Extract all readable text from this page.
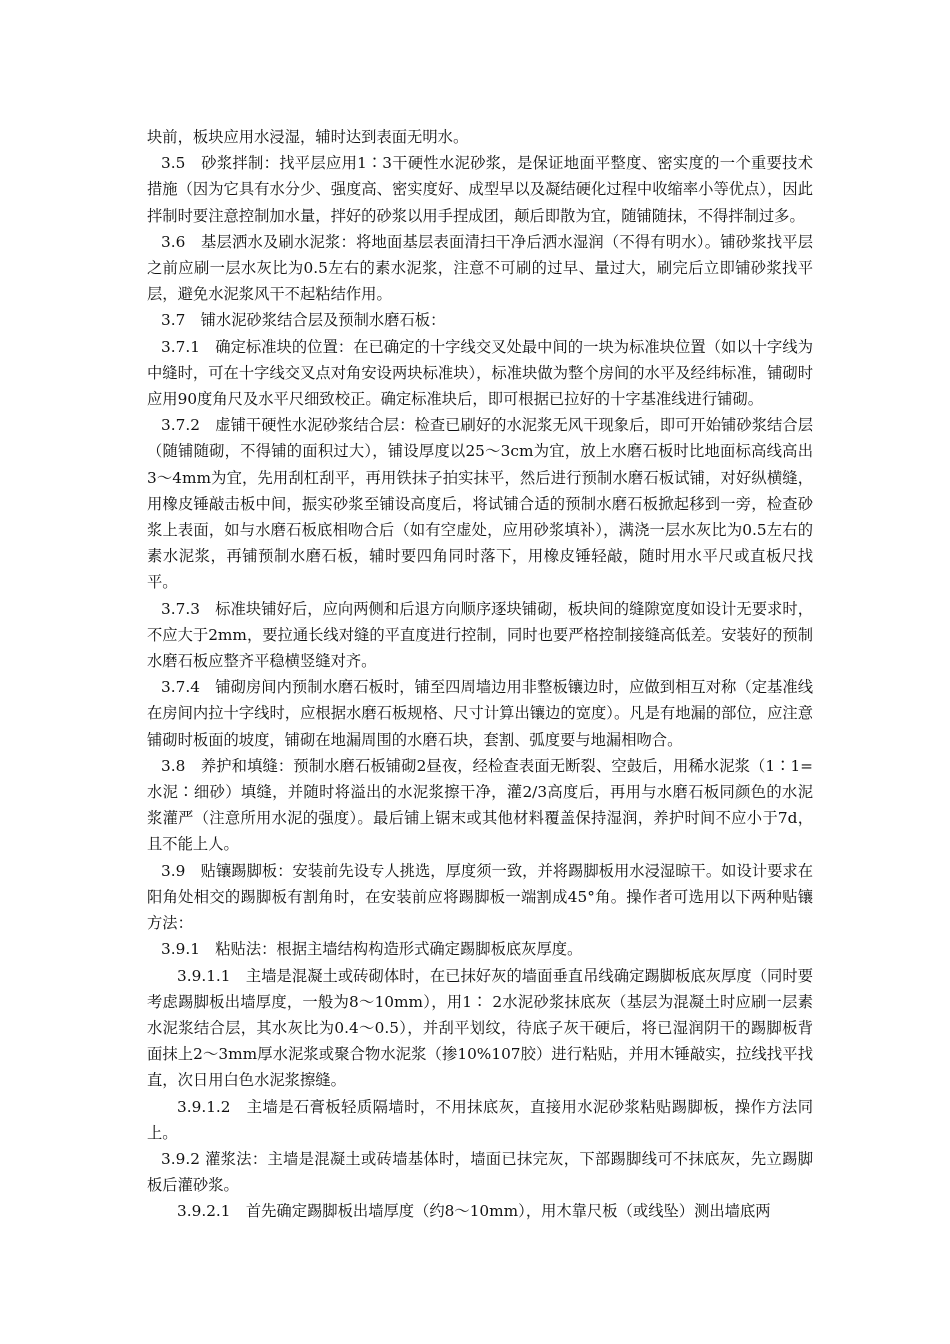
块前，板块应用水浸湿，辅时达到表面无明水。

3.5　砂浆拌制：找平层应用1∶3干硬性水泥砂浆，是保证地面平整度、密实度的一个重要技术措施（因为它具有水分少、强度高、密实度好、成型早以及凝结硬化过程中收缩率小等优点），因此拌制时要注意控制加水量，拌好的砂浆以用手捏成团，颠后即散为宜，随铺随抹，不得拌制过多。

3.6　基层洒水及刷水泥浆：将地面基层表面清扫干净后洒水湿润（不得有明水）。铺砂浆找平层之前应刷一层水灰比为0.5左右的素水泥浆，注意不可刷的过早、量过大，刷完后立即铺砂浆找平层，避免水泥浆风干不起粘结作用。

3.7　铺水泥砂浆结合层及预制水磨石板：

3.7.1　确定标准块的位置：在已确定的十字线交叉处最中间的一块为标准块位置（如以十字线为中缝时，可在十字线交叉点对角安设两块标准块），标准块做为整个房间的水平及经纬标准，铺砌时应用90度角尺及水平尺细致校正。确定标准块后，即可根据已拉好的十字基准线进行铺砌。

3.7.2　虚铺干硬性水泥砂浆结合层：检查已刷好的水泥浆无风干现象后，即可开始铺砂浆结合层（随铺随砌，不得铺的面积过大），铺设厚度以25～3cm为宜，放上水磨石板时比地面标高线高出3～4mm为宜，先用刮杠刮平，再用铁抹子拍实抹平，然后进行预制水磨石板试铺，对好纵横缝，用橡皮锤敲击板中间，振实砂浆至铺设高度后，将试铺合适的预制水磨石板掀起移到一旁，检查砂浆上表面，如与水磨石板底相吻合后（如有空虚处，应用砂浆填补），满浇一层水灰比为0.5左右的素水泥浆，再铺预制水磨石板，辅时要四角同时落下，用橡皮锤轻敲，随时用水平尺或直板尺找平。

3.7.3　标准块铺好后，应向两侧和后退方向顺序逐块铺砌，板块间的缝隙宽度如设计无要求时，不应大于2mm，要拉通长线对缝的平直度进行控制，同时也要严格控制接缝高低差。安装好的预制水磨石板应整齐平稳横竖缝对齐。

3.7.4　铺砌房间内预制水磨石板时，铺至四周墙边用非整板镶边时，应做到相互对称（定基准线在房间内拉十字线时，应根据水磨石板规格、尺寸计算出镶边的宽度）。凡是有地漏的部位，应注意铺砌时板面的坡度，铺砌在地漏周围的水磨石块，套割、弧度要与地漏相吻合。

3.8　养护和填缝：预制水磨石板铺砌2昼夜，经检查表面无断裂、空鼓后，用稀水泥浆（1∶1=水泥∶细砂）填缝，并随时将溢出的水泥浆擦干净，灌2/3高度后，再用与水磨石板同颜色的水泥浆灌严（注意所用水泥的强度）。最后铺上锯末或其他材料覆盖保持湿润，养护时间不应小于7d，且不能上人。

3.9　贴镶踢脚板：安装前先设专人挑选，厚度须一致，并将踢脚板用水浸湿晾干。如设计要求在阳角处相交的踢脚板有割角时，在安装前应将踢脚板一端割成45°角。操作者可选用以下两种贴镶方法：

3.9.1　粘贴法：根据主墙结构构造形式确定踢脚板底灰厚度。

3.9.1.1　主墙是混凝土或砖砌体时，在已抹好灰的墙面垂直吊线确定踢脚板底灰厚度（同时要考虑踢脚板出墙厚度，一般为8～10mm），用1∶ 2水泥砂浆抹底灰（基层为混凝土时应刷一层素水泥浆结合层，其水灰比为0.4～0.5），并刮平划纹，待底子灰干硬后，将已湿润阴干的踢脚板背面抹上2～3mm厚水泥浆或聚合物水泥浆（掺10%107胶）进行粘贴，并用木锤敲实，拉线找平找直，次日用白色水泥浆擦缝。

3.9.1.2　主墙是石膏板轻质隔墙时，不用抹底灰，直接用水泥砂浆粘贴踢脚板，操作方法同上。

3.9.2 灌浆法：主墙是混凝土或砖墙基体时，墙面已抹完灰，下部踢脚线可不抹底灰，先立踢脚板后灌砂浆。

3.9.2.1　首先确定踢脚板出墙厚度（约8～10mm），用木靠尺板（或线坠）测出墙底两
